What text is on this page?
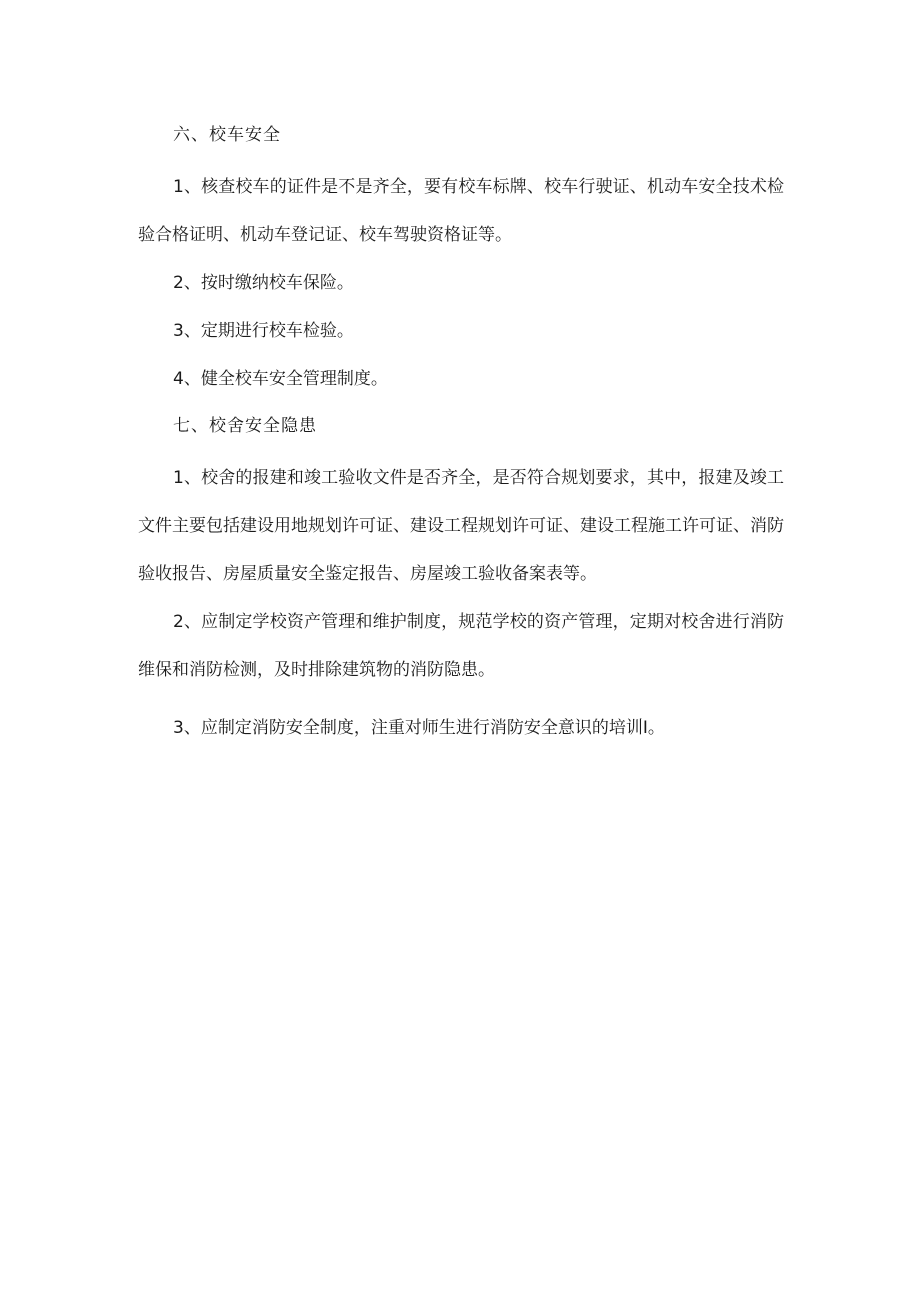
六、校车安全

1、核查校车的证件是不是齐全，要有校车标牌、校车行驶证、机动车安全技术检验合格证明、机动车登记证、校车驾驶资格证等。

2、按时缴纳校车保险。

3、定期进行校车检验。

4、健全校车安全管理制度。

七、校舍安全隐患

1、校舍的报建和竣工验收文件是否齐全，是否符合规划要求，其中，报建及竣工文件主要包括建设用地规划许可证、建设工程规划许可证、建设工程施工许可证、消防验收报告、房屋质量安全鉴定报告、房屋竣工验收备案表等。

2、应制定学校资产管理和维护制度，规范学校的资产管理，定期对校舍进行消防维保和消防检测，及时排除建筑物的消防隐患。

3、应制定消防安全制度，注重对师生进行消防安全意识的培训I。
